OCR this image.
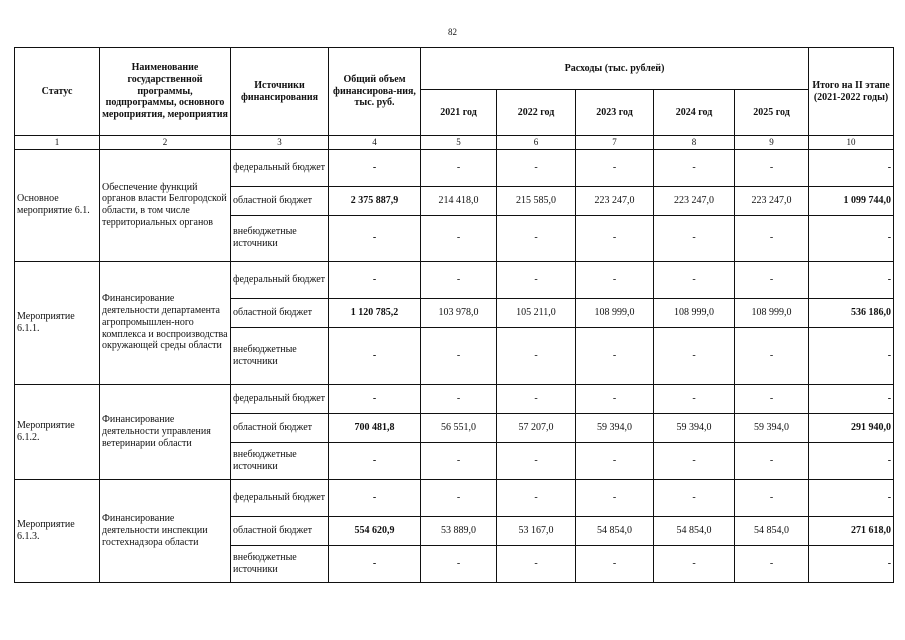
82
Статус	Наименование государственной программы, подпрограммы, основного мероприятия, мероприятия	Источники финансирования	Общий объем финансирова-ния, тыс. руб.	Расходы (тыс. рублей)					Итого на II этапе (2021-2022 годы)
				2021 год	2022 год	2023 год	2024 год	2025 год	
1	2	3	4	5	6	7	8	9	10
Основное мероприятие 6.1.	Обеспечение функций органов власти Белгородской области, в том числе территориальных органов	федеральный бюджет	-	-	-	-	-	-	-
		областной бюджет	2 375 887,9	214 418,0	215 585,0	223 247,0	223 247,0	223 247,0	1 099 744,0
		внебюджетные источники	-	-	-	-	-	-	-
Мероприятие 6.1.1.	Финансирование деятельности департамента агропромышлен-ного комплекса и воспроизводства окружающей среды области	федеральный бюджет	-	-	-	-	-	-	-
		областной бюджет	1 120 785,2	103 978,0	105 211,0	108 999,0	108 999,0	108 999,0	536 186,0
		внебюджетные источники	-	-	-	-	-	-	-
Мероприятие 6.1.2.	Финансирование деятельности управления ветеринарии области	федеральный бюджет	-	-	-	-	-	-	-
		областной бюджет	700 481,8	56 551,0	57 207,0	59 394,0	59 394,0	59 394,0	291 940,0
		внебюджетные источники	-	-	-	-	-	-	-
Мероприятие 6.1.3.	Финансирование деятельности инспекции гостехнадзора области	федеральный бюджет	-	-	-	-	-	-	-
		областной бюджет	554 620,9	53 889,0	53 167,0	54 854,0	54 854,0	54 854,0	271 618,0
		внебюджетные источники	-	-	-	-	-	-	-
